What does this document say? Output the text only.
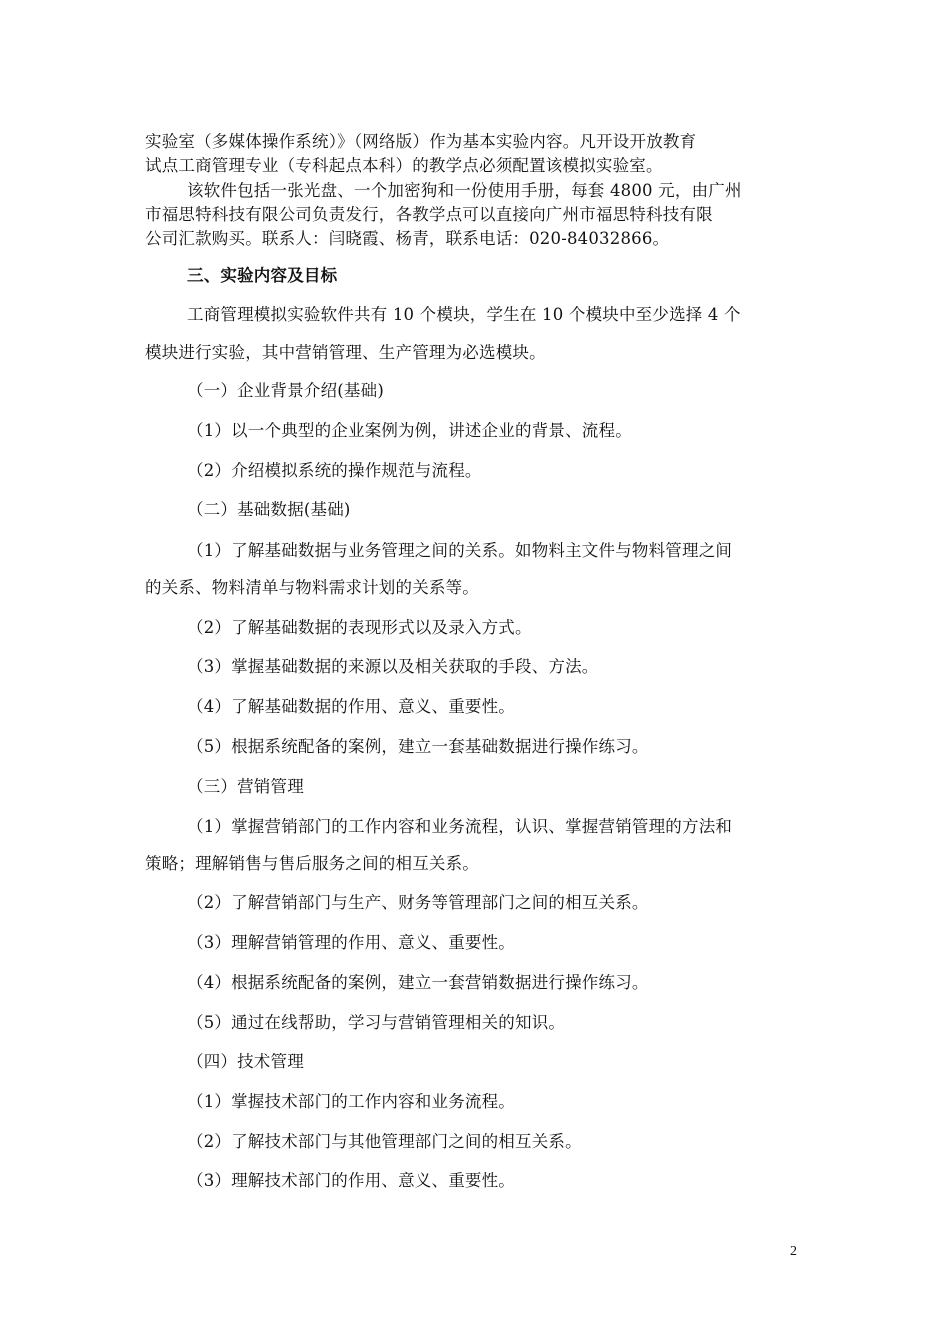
实验室（多媒体操作系统）》（网络版）作为基本实验内容。凡开设开放教育
试点工商管理专业（专科起点本科）的教学点必须配置该模拟实验室。
该软件包括一张光盘、一个加密狗和一份使用手册，每套 4800 元，由广州
市福思特科技有限公司负责发行，各教学点可以直接向广州市福思特科技有限
公司汇款购买。联系人：闫晓霞、杨青，联系电话：020-84032866。
三、实验内容及目标
工商管理模拟实验软件共有 10 个模块，学生在 10 个模块中至少选择 4 个
模块进行实验，其中营销管理、生产管理为必选模块。
（一）企业背景介绍(基础)
（1）以一个典型的企业案例为例，讲述企业的背景、流程。
（2）介绍模拟系统的操作规范与流程。
（二）基础数据(基础)
（1）了解基础数据与业务管理之间的关系。如物料主文件与物料管理之间
的关系、物料清单与物料需求计划的关系等。
（2）了解基础数据的表现形式以及录入方式。
（3）掌握基础数据的来源以及相关获取的手段、方法。
（4）了解基础数据的作用、意义、重要性。
（5）根据系统配备的案例，建立一套基础数据进行操作练习。
（三）营销管理
（1）掌握营销部门的工作内容和业务流程，认识、掌握营销管理的方法和
策略；理解销售与售后服务之间的相互关系。
（2）了解营销部门与生产、财务等管理部门之间的相互关系。
（3）理解营销管理的作用、意义、重要性。
（4）根据系统配备的案例，建立一套营销数据进行操作练习。
（5）通过在线帮助，学习与营销管理相关的知识。
（四）技术管理
（1）掌握技术部门的工作内容和业务流程。
（2）了解技术部门与其他管理部门之间的相互关系。
（3）理解技术部门的作用、意义、重要性。
2
